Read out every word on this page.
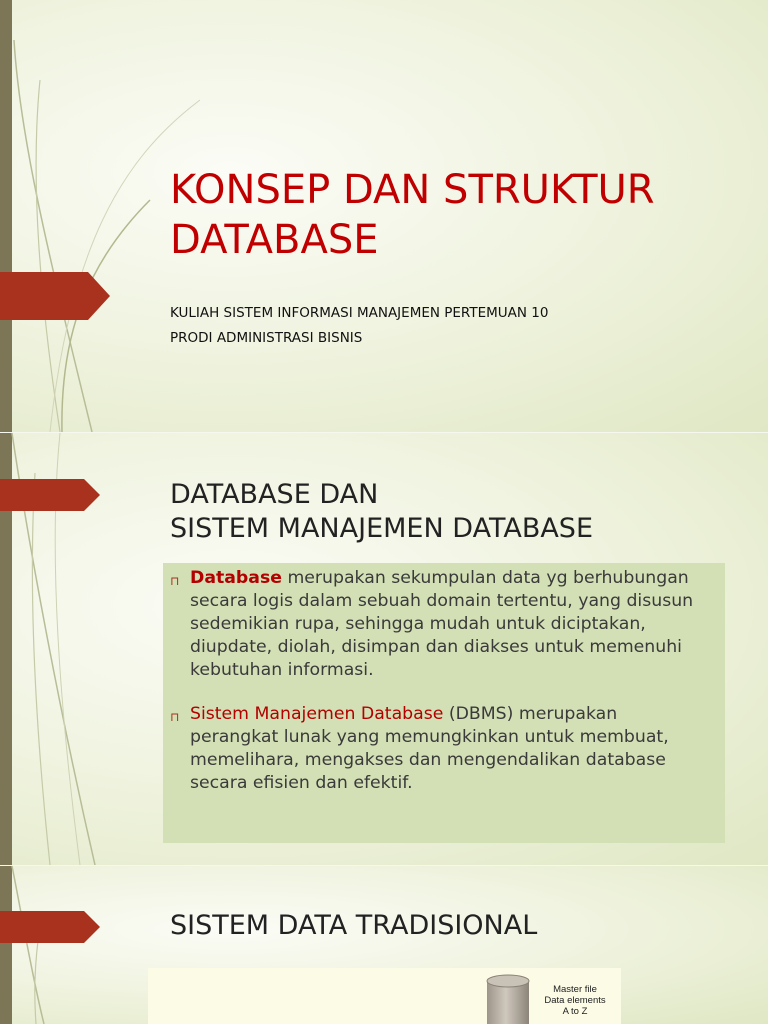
KONSEP DAN STRUKTUR DATABASE

KULIAH SISTEM INFORMASI MANAJEMEN PERTEMUAN 10

PRODI ADMINISTRASI BISNIS

DATABASE DAN
SISTEM MANAJEMEN DATABASE

⊓ Database merupakan sekumpulan data yg berhubungan secara logis dalam sebuah domain tertentu, yang disusun sedemikian rupa, sehingga mudah untuk diciptakan, diupdate, diolah, disimpan dan diakses untuk memenuhi kebutuhan informasi.

⊓ Sistem Manajemen Database (DBMS) merupakan perangkat lunak yang memungkinkan untuk membuat, memelihara, mengakses dan mengendalikan database secara efisien dan efektif.

SISTEM DATA TRADISIONAL

Master file
Data elements
A to Z
